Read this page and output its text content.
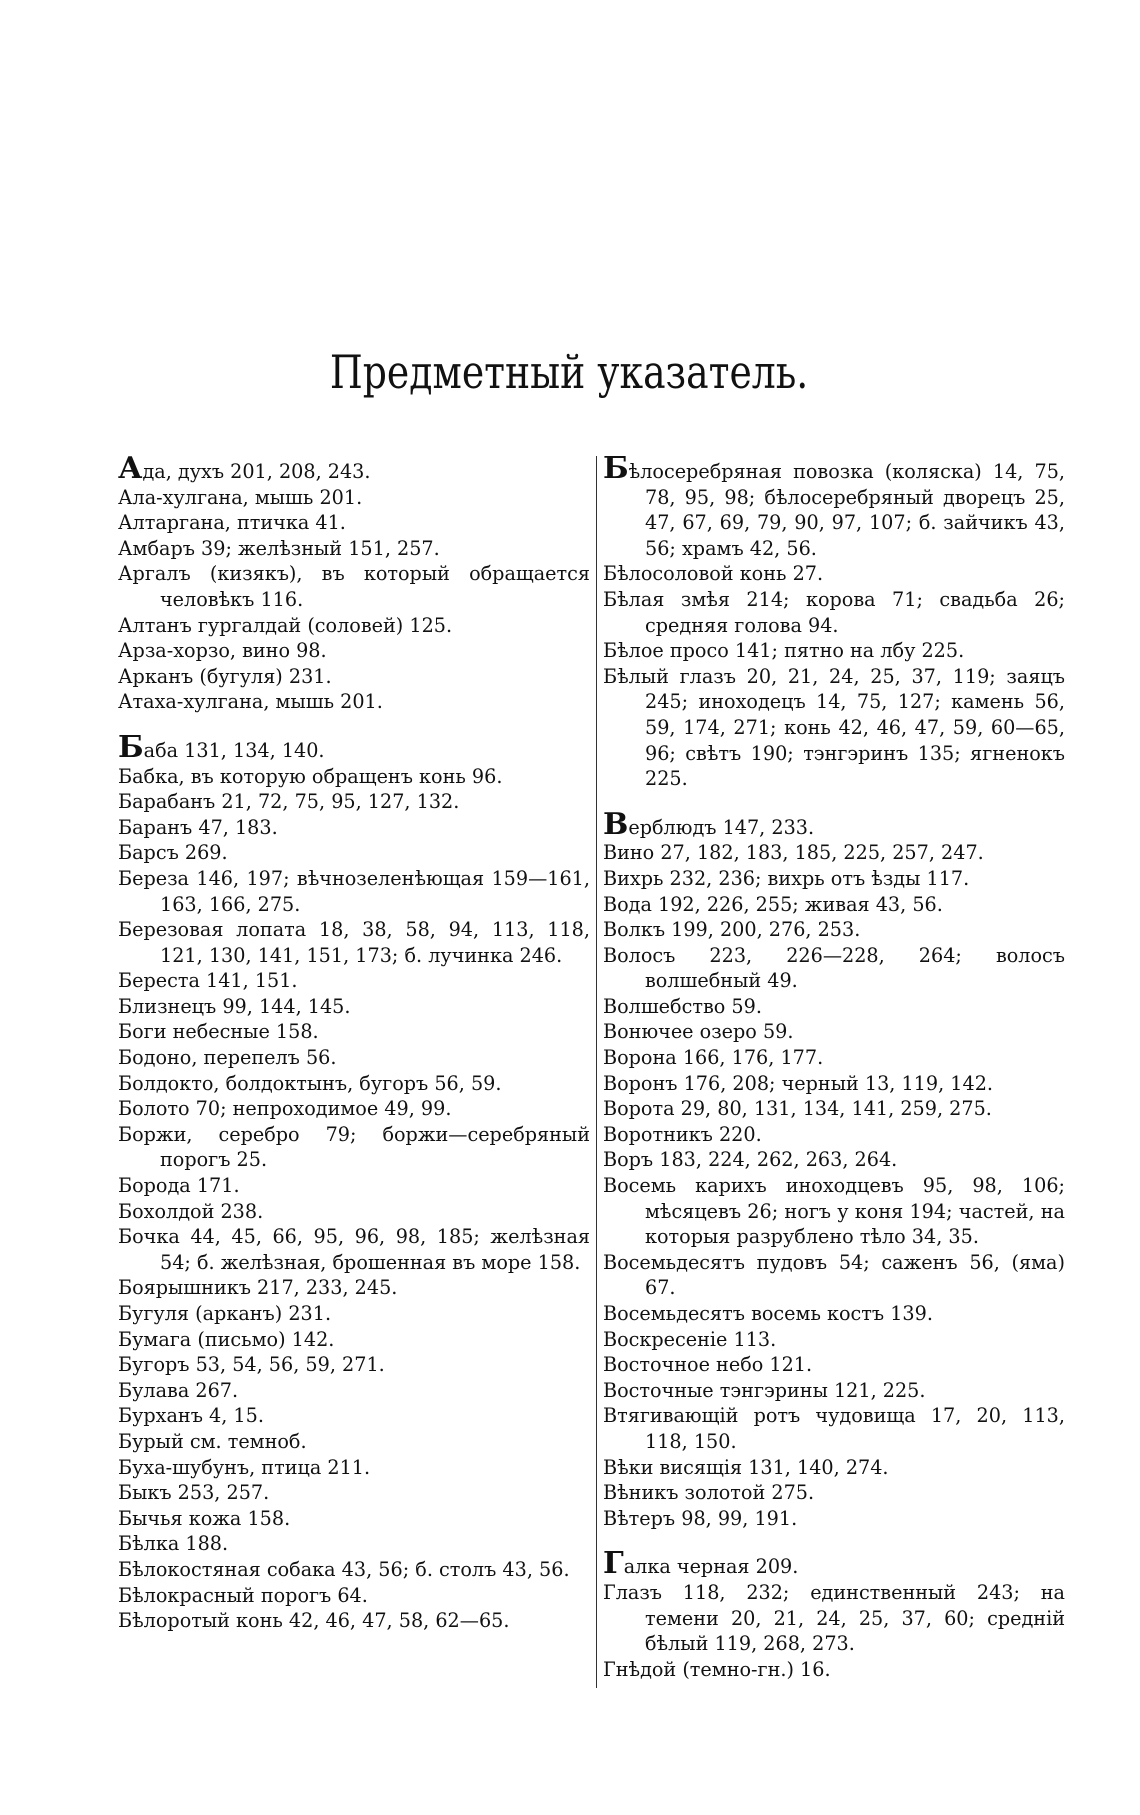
Предметный указатель.
Ада, духъ 201, 208, 243.
Ала-хулгана, мышь 201.
Алтаргана, птичка 41.
Амбаръ 39; желѣзный 151, 257.
Аргалъ (кизякъ), въ который обращается человѣкъ 116.
Алтанъ гургалдай (соловей) 125.
Арза-хорзо, вино 98.
Арканъ (бугуля) 231.
Атаха-хулгана, мышь 201.
Баба 131, 134, 140.
Бабка, въ которую обращенъ конь 96.
Барабанъ 21, 72, 75, 95, 127, 132.
Баранъ 47, 183.
Барсъ 269.
Береза 146, 197; вѣчнозеленѣющая 159—161, 163, 166, 275.
Березовая лопата 18, 38, 58, 94, 113, 118, 121, 130, 141, 151, 173; б. лучинка 246.
Береста 141, 151.
Близнецъ 99, 144, 145.
Боги небесные 158.
Бодоно, перепелъ 56.
Болдокто, болдоктынъ, бугоръ 56, 59.
Болото 70; непроходимое 49, 99.
Боржи, серебро 79; боржи—серебряный порогъ 25.
Борода 171.
Бохолдой 238.
Бочка 44, 45, 66, 95, 96, 98, 185; желѣзная 54; б. желѣзная, брошенная въ море 158.
Боярышникъ 217, 233, 245.
Бугуля (арканъ) 231.
Бумага (письмо) 142.
Бугоръ 53, 54, 56, 59, 271.
Булава 267.
Бурханъ 4, 15.
Бурый см. темноб.
Буха-шубунъ, птица 211.
Быкъ 253, 257.
Бычья кожа 158.
Бѣлка 188.
Бѣлокостяная собака 43, 56; б. столъ 43, 56.
Бѣлокрасный порогъ 64.
Бѣлоротый конь 42, 46, 47, 58, 62—65.
Бѣлосеребряная повозка (коляска) 14, 75, 78, 95, 98; бѣлосеребряный дворецъ 25, 47, 67, 69, 79, 90, 97, 107; б. зайчикъ 43, 56; храмъ 42, 56.
Бѣлосоловой конь 27.
Бѣлая змѣя 214; корова 71; свадьба 26; средняя голова 94.
Бѣлое просо 141; пятно на лбу 225.
Бѣлый глазъ 20, 21, 24, 25, 37, 119; заяцъ 245; иноходецъ 14, 75, 127; камень 56, 59, 174, 271; конь 42, 46, 47, 59, 60—65, 96; свѣтъ 190; тэнгэринъ 135; ягненокъ 225.
Верблюдъ 147, 233.
Вино 27, 182, 183, 185, 225, 257, 247.
Вихрь 232, 236; вихрь отъ ѣзды 117.
Вода 192, 226, 255; живая 43, 56.
Волкъ 199, 200, 276, 253.
Волосъ 223, 226—228, 264; волосъ волшебный 49.
Волшебство 59.
Вонючее озеро 59.
Ворона 166, 176, 177.
Воронъ 176, 208; черный 13, 119, 142.
Ворота 29, 80, 131, 134, 141, 259, 275.
Воротникъ 220.
Воръ 183, 224, 262, 263, 264.
Восемь карихъ иноходцевъ 95, 98, 106; мѣсяцевъ 26; ногъ у коня 194; частей, на которыя разрублено тѣло 34, 35.
Восемьдесятъ пудовъ 54; саженъ 56, (яма) 67.
Восемьдесятъ восемь костъ 139.
Воскресеніе 113.
Восточное небо 121.
Восточные тэнгэрины 121, 225.
Втягивающій ротъ чудовища 17, 20, 113, 118, 150.
Вѣки висящія 131, 140, 274.
Вѣникъ золотой 275.
Вѣтеръ 98, 99, 191.
Галка черная 209.
Глазъ 118, 232; единственный 243; на темени 20, 21, 24, 25, 37, 60; средній бѣлый 119, 268, 273.
Гнѣдой (темно-гн.) 16.
